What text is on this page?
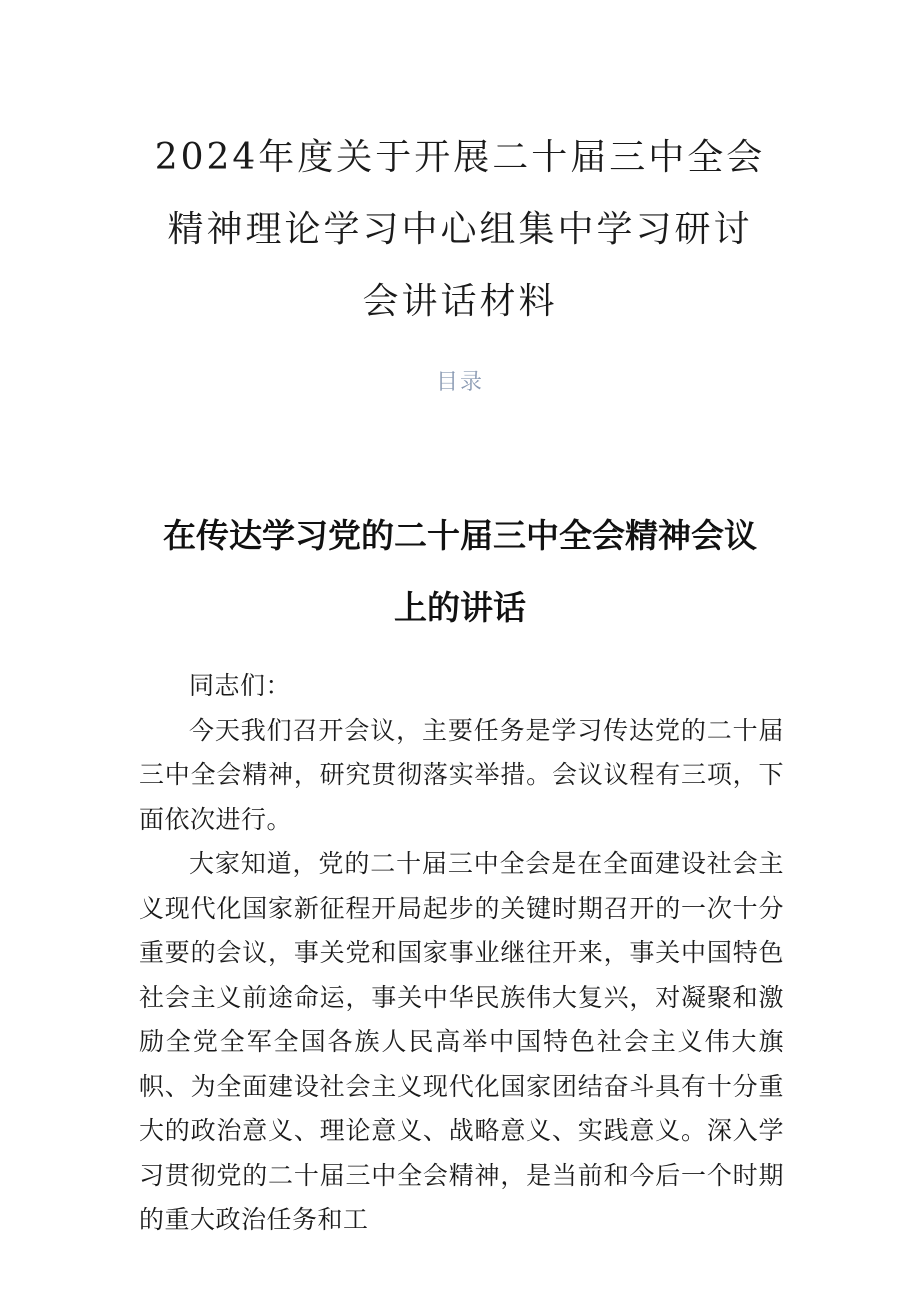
2024年度关于开展二十届三中全会精神理论学习中心组集中学习研讨会讲话材料
目录
在传达学习党的二十届三中全会精神会议上的讲话

同志们：

今天我们召开会议，主要任务是学习传达党的二十届三中全会精神，研究贯彻落实举措。会议议程有三项，下面依次进行。

大家知道，党的二十届三中全会是在全面建设社会主义现代化国家新征程开局起步的关键时期召开的一次十分重要的会议，事关党和国家事业继往开来，事关中国特色社会主义前途命运，事关中华民族伟大复兴，对凝聚和激励全党全军全国各族人民高举中国特色社会主义伟大旗帜、为全面建设社会主义现代化国家团结奋斗具有十分重大的政治意义、理论意义、战略意义、实践意义。深入学习贯彻党的二十届三中全会精神，是当前和今后一个时期的重大政治任务和工
